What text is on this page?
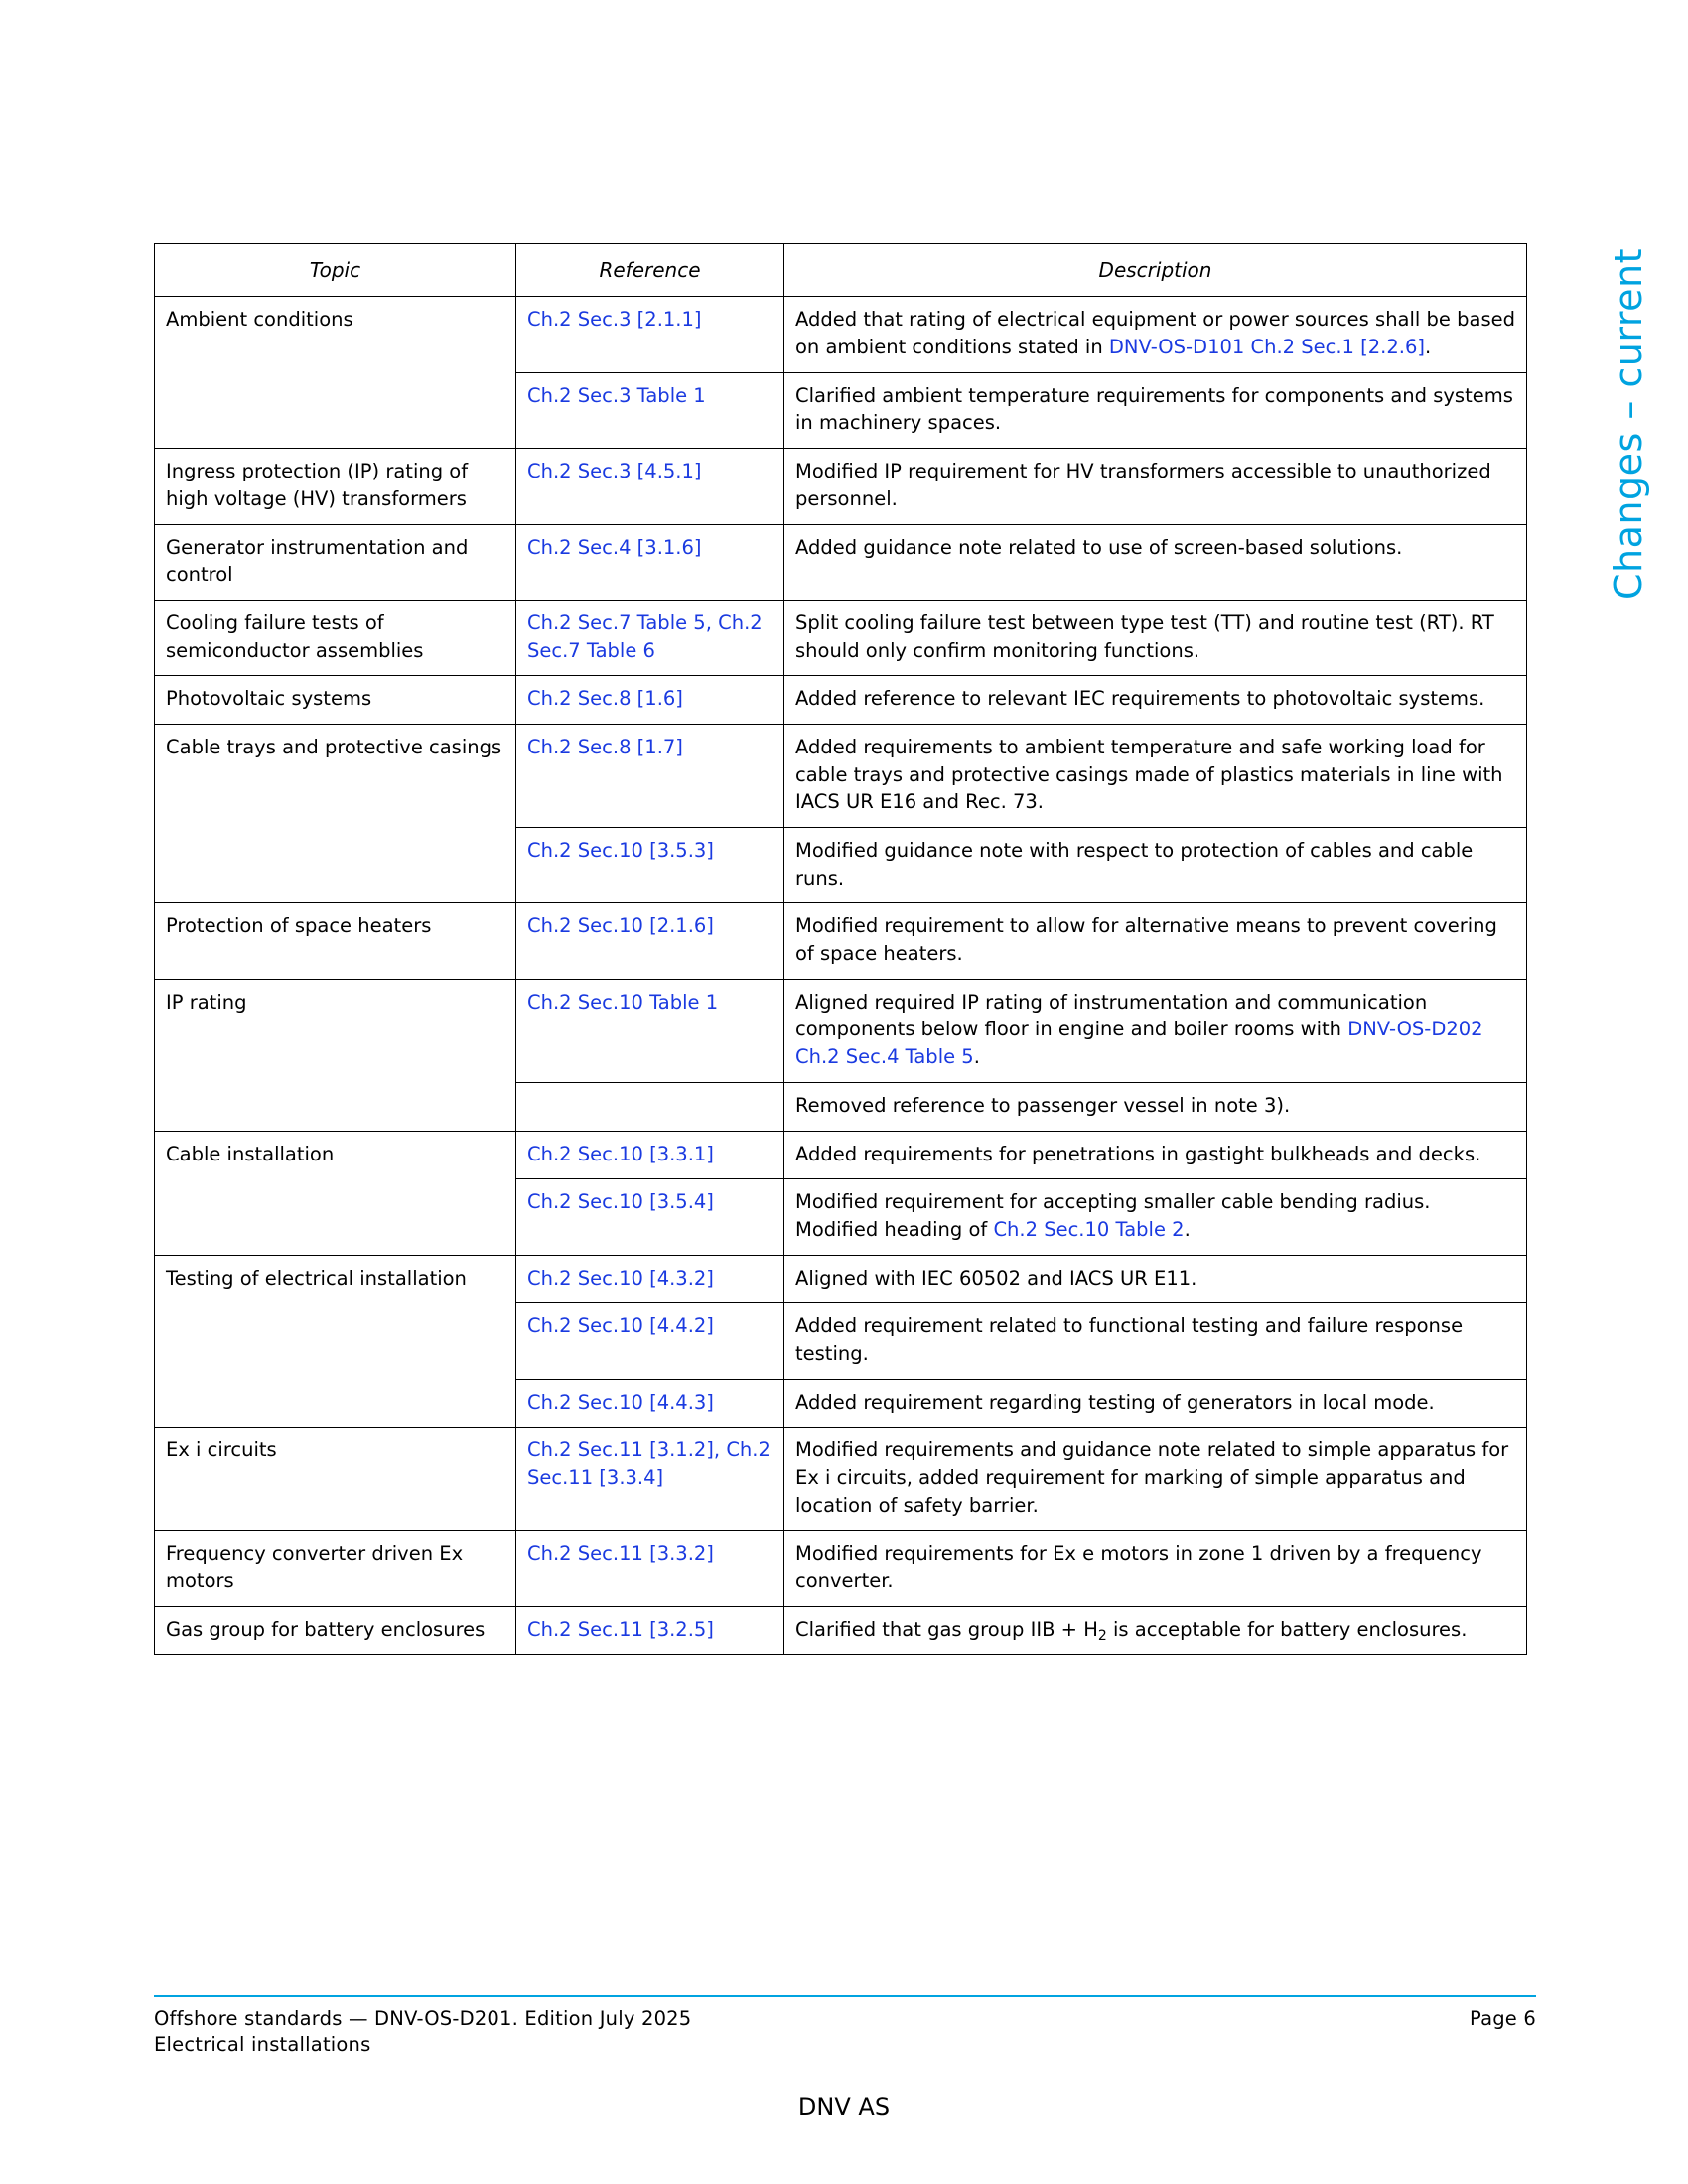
Changes – current
Topic	Reference	Description
Ambient conditions	Ch.2 Sec.3 [2.1.1]	Added that rating of electrical equipment or power sources shall be based on ambient conditions stated in DNV-OS-D101 Ch.2 Sec.1 [2.2.6].
	Ch.2 Sec.3 Table 1	Clarified ambient temperature requirements for components and systems in machinery spaces.
Ingress protection (IP) rating of high voltage (HV) transformers	Ch.2 Sec.3 [4.5.1]	Modified IP requirement for HV transformers accessible to unauthorized personnel.
Generator instrumentation and control	Ch.2 Sec.4 [3.1.6]	Added guidance note related to use of screen-based solutions.
Cooling failure tests of semiconductor assemblies	Ch.2 Sec.7 Table 5, Ch.2 Sec.7 Table 6	Split cooling failure test between type test (TT) and routine test (RT). RT should only confirm monitoring functions.
Photovoltaic systems	Ch.2 Sec.8 [1.6]	Added reference to relevant IEC requirements to photovoltaic systems.
Cable trays and protective casings	Ch.2 Sec.8 [1.7]	Added requirements to ambient temperature and safe working load for cable trays and protective casings made of plastics materials in line with IACS UR E16 and Rec. 73.
	Ch.2 Sec.10 [3.5.3]	Modified guidance note with respect to protection of cables and cable runs.
Protection of space heaters	Ch.2 Sec.10 [2.1.6]	Modified requirement to allow for alternative means to prevent covering of space heaters.
IP rating	Ch.2 Sec.10 Table 1	Aligned required IP rating of instrumentation and communication components below floor in engine and boiler rooms with DNV-OS-D202 Ch.2 Sec.4 Table 5.
		Removed reference to passenger vessel in note 3).
Cable installation	Ch.2 Sec.10 [3.3.1]	Added requirements for penetrations in gastight bulkheads and decks.
	Ch.2 Sec.10 [3.5.4]	Modified requirement for accepting smaller cable bending radius. Modified heading of Ch.2 Sec.10 Table 2.
Testing of electrical installation	Ch.2 Sec.10 [4.3.2]	Aligned with IEC 60502 and IACS UR E11.
	Ch.2 Sec.10 [4.4.2]	Added requirement related to functional testing and failure response testing.
	Ch.2 Sec.10 [4.4.3]	Added requirement regarding testing of generators in local mode.
Ex i circuits	Ch.2 Sec.11 [3.1.2], Ch.2 Sec.11 [3.3.4]	Modified requirements and guidance note related to simple apparatus for Ex i circuits, added requirement for marking of simple apparatus and location of safety barrier.
Frequency converter driven Ex motors	Ch.2 Sec.11 [3.3.2]	Modified requirements for Ex e motors in zone 1 driven by a frequency converter.
Gas group for battery enclosures	Ch.2 Sec.11 [3.2.5]	Clarified that gas group IIB + $H_2$ is acceptable for battery enclosures.
Offshore standards — DNV-OS-D201. Edition July 2025	Page 6
Electrical installations
DNV AS
